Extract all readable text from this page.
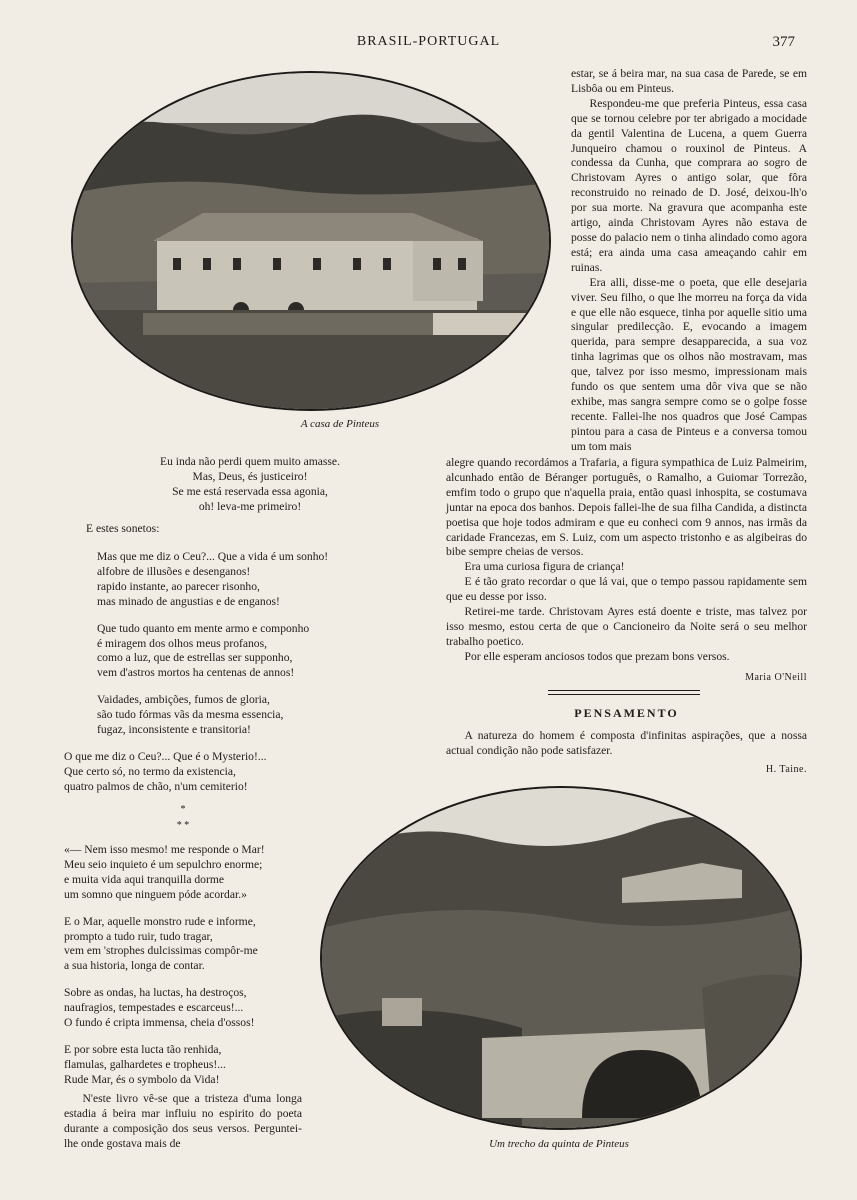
BRASIL-PORTUGAL	377
A casa de Pinteus

estar, se á beira mar, na sua casa de Parede, se em Lisbôa ou em Pinteus.

Respondeu-me que preferia Pinteus, essa casa que se tornou celebre por ter abrigado a mocidade da gentil Valentina de Lucena, a quem Guerra Junqueiro chamou o rouxinol de Pinteus. A condessa da Cunha, que comprara ao sogro de Christovam Ayres o antigo solar, que fôra reconstruido no reinado de D. José, deixou-lh'o por sua morte. Na gravura que acompanha este artigo, ainda Christovam Ayres não estava de posse do palacio nem o tinha alindado como agora está; era ainda uma casa ameaçando cahir em ruinas.

Era alli, disse-me o poeta, que elle desejaria viver. Seu filho, o que lhe morreu na força da vida e que elle não esquece, tinha por aquelle sitio uma singular predilecção. E, evocando a imagem querida, para sempre desapparecida, a sua voz tinha lagrimas que os olhos não mostravam, mas que, talvez por isso mesmo, impressionam mais fundo os que sentem uma dôr viva que se não exhibe, mas sangra sempre como se o golpe fosse recente. Fallei-lhe nos quadros que José Campas pintou para a casa de Pinteus e a conversa tomou um tom mais

alegre quando recordámos a Trafaria, a figura sympathica de Luiz Palmeirim, alcunhado então de Béranger português, o Ramalho, a Guiomar Torrezão, emfim todo o grupo que n'aquella praia, então quasi inhospita, se costumava juntar na epoca dos banhos. Depois fallei-lhe de sua filha Candida, a distincta poetisa que hoje todos admiram e que eu conheci com 9 annos, nas irmãs da caridade Francezas, em S. Luiz, com um aspecto tristonho e as algibeiras do bibe sempre cheias de versos.

Era uma curiosa figura de criança!

E é tão grato recordar o que lá vai, que o tempo passou rapidamente sem que eu desse por isso.

Retirei-me tarde. Christovam Ayres está doente e triste, mas talvez por isso mesmo, estou certa de que o Cancioneiro da Noite será o seu melhor trabalho poetico.

Por elle esperam anciosos todos que prezam bons versos.

Maria O'Neill
PENSAMENTO

A natureza do homem é composta d'infinitas aspirações, que a nossa actual condição não pode satisfazer.

H. Taine.
Eu inda não perdi quem muito amasse.
Mas, Deus, és justiceiro!
Se me está reservada essa agonia,
oh! leva-me primeiro!
E estes sonetos:
Mas que me diz o Ceu?... Que a vida é um sonho!
alfobre de illusões e desenganos!
rapido instante, ao parecer risonho,
mas minado de angustias e de enganos!
Que tudo quanto em mente armo e componho
é miragem dos olhos meus profanos,
como a luz, que de estrellas ser supponho,
vem d'astros mortos ha centenas de annos!
Vaidades, ambições, fumos de gloria,
são tudo fórmas vãs da mesma essencia,
fugaz, inconsistente e transitoria!
O que me diz o Ceu?... Que é o Mysterio!...
Que certo só, no termo da existencia,
quatro palmos de chão, n'um cemiterio!
*
* *
«— Nem isso mesmo! me responde o Mar!
Meu seio inquieto é um sepulchro enorme;
e muita vida aqui tranquilla dorme
um somno que ninguem póde acordar.»
E o Mar, aquelle monstro rude e informe,
prompto a tudo ruir, tudo tragar,
vem em 'strophes dulcissimas compôr-me
a sua historia, longa de contar.
Sobre as ondas, ha luctas, ha destroços,
naufragios, tempestades e escarceus!...
O fundo é cripta immensa, cheia d'ossos!
E por sobre esta lucta tão renhida,
flamulas, galhardetes e tropheus!...
Rude Mar, és o symbolo da Vida!

N'este livro vê-se que a tristeza d'uma longa estadia á beira mar influiu no espirito do poeta durante a composição dos seus versos. Perguntei-lhe onde gostava mais de	Um trecho da quinta de Pinteus
